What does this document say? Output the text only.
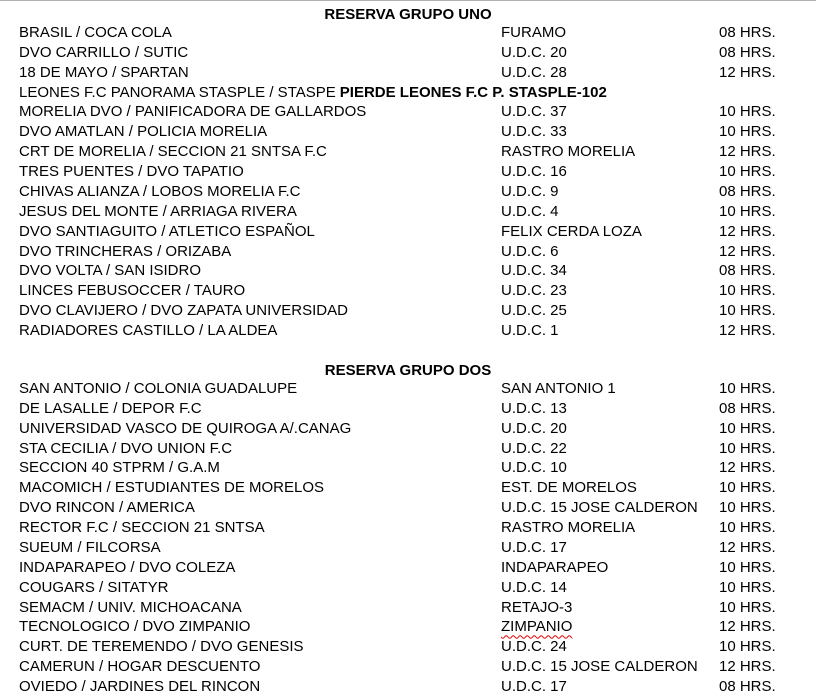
RESERVA GRUPO UNO
BRASIL / COCA COLA	FURAMO	08 HRS.
DVO CARRILLO / SUTIC	U.D.C. 20	08 HRS.
18 DE MAYO / SPARTAN	U.D.C. 28	12 HRS.
LEONES F.C PANORAMA STASPLE / STASPE PIERDE LEONES F.C P. STASPLE-102
MORELIA DVO / PANIFICADORA DE GALLARDOS	U.D.C. 37	10 HRS.
DVO AMATLAN / POLICIA MORELIA	U.D.C. 33	10 HRS.
CRT DE MORELIA / SECCION 21 SNTSA F.C	RASTRO MORELIA	12 HRS.
TRES PUENTES / DVO TAPATIO	U.D.C. 16	10 HRS.
CHIVAS ALIANZA / LOBOS MORELIA F.C	U.D.C. 9	08 HRS.
JESUS DEL MONTE / ARRIAGA RIVERA	U.D.C. 4	10 HRS.
DVO SANTIAGUITO / ATLETICO ESPAÑOL	FELIX CERDA LOZA	12 HRS.
DVO TRINCHERAS / ORIZABA	U.D.C. 6	12 HRS.
DVO VOLTA / SAN ISIDRO	U.D.C. 34	08 HRS.
LINCES FEBUSOCCER / TAURO	U.D.C. 23	10 HRS.
DVO CLAVIJERO / DVO ZAPATA UNIVERSIDAD	U.D.C. 25	10 HRS.
RADIADORES CASTILLO / LA ALDEA	U.D.C. 1	12 HRS.
RESERVA GRUPO DOS
SAN ANTONIO / COLONIA GUADALUPE	SAN ANTONIO 1	10 HRS.
DE LASALLE / DEPOR F.C	U.D.C. 13	08 HRS.
UNIVERSIDAD VASCO DE QUIROGA A/.CANAG	U.D.C. 20	10 HRS.
STA CECILIA / DVO UNION F.C	U.D.C. 22	10 HRS.
SECCION 40 STPRM / G.A.M	U.D.C. 10	12 HRS.
MACOMICH / ESTUDIANTES DE MORELOS	EST. DE MORELOS	10 HRS.
DVO RINCON / AMERICA	U.D.C. 15 JOSE CALDERON 10 HRS.
RECTOR F.C / SECCION 21 SNTSA	RASTRO MORELIA	10 HRS.
SUEUM / FILCORSA	U.D.C. 17	12 HRS.
INDAPARAPEO / DVO COLEZA	INDAPARAPEO	10 HRS.
COUGARS / SITATYR	U.D.C. 14	10 HRS.
SEMACM / UNIV. MICHOACANA	RETAJO-3	10 HRS.
TECNOLOGICO / DVO ZIMPANIO	ZIMPANIO	12 HRS.
CURT. DE TEREMENDO / DVO GENESIS	U.D.C. 24	10 HRS.
CAMERUN / HOGAR DESCUENTO	U.D.C. 15 JOSE CALDERON 12 HRS.
OVIEDO / JARDINES DEL RINCON	U.D.C. 17	08 HRS.
